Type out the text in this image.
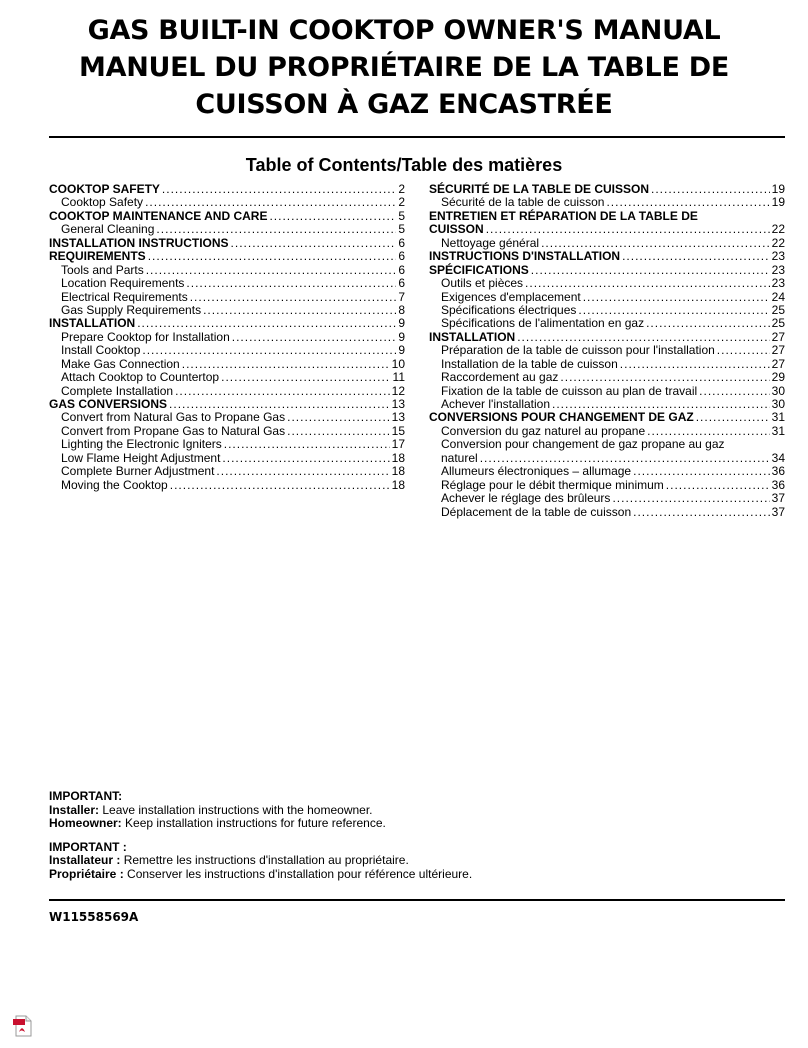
GAS BUILT-IN COOKTOP OWNER'S MANUAL
MANUEL DU PROPRIÉTAIRE DE LA TABLE DE
CUISSON À GAZ ENCASTRÉE
Table of Contents/Table des matières
COOKTOP SAFETY .....	2
Cooktop Safety .....	2
COOKTOP MAINTENANCE AND CARE .....	5
General Cleaning .....	5
INSTALLATION INSTRUCTIONS .....	6
REQUIREMENTS .....	6
Tools and Parts .....	6
Location Requirements .....	6
Electrical Requirements .....	7
Gas Supply Requirements .....	8
INSTALLATION .....	9
Prepare Cooktop for Installation .....	9
Install Cooktop .....	9
Make Gas Connection .....	10
Attach Cooktop to Countertop .....	11
Complete Installation .....	12
GAS CONVERSIONS .....	13
Convert from Natural Gas to Propane Gas .....	13
Convert from Propane Gas to Natural Gas .....	15
Lighting the Electronic Igniters .....	17
Low Flame Height Adjustment .....	18
Complete Burner Adjustment .....	18
Moving the Cooktop .....	18
SÉCURITÉ DE LA TABLE DE CUISSON .....	19
Sécurité de la table de cuisson .....	19
ENTRETIEN ET RÉPARATION DE LA TABLE DE
CUISSON .....	22
Nettoyage général .....	22
INSTRUCTIONS D'INSTALLATION .....	23
SPÉCIFICATIONS .....	23
Outils et pièces .....	23
Exigences d'emplacement .....	24
Spécifications électriques .....	25
Spécifications de l'alimentation en gaz .....	25
INSTALLATION .....	27
Préparation de la table de cuisson pour l'installation .....	27
Installation de la table de cuisson .....	27
Raccordement au gaz .....	29
Fixation de la table de cuisson au plan de travail .....	30
Achever l'installation .....	30
CONVERSIONS POUR CHANGEMENT DE GAZ .....	31
Conversion du gaz naturel au propane .....	31
Conversion pour changement de gaz propane au gaz
naturel .....	34
Allumeurs électroniques – allumage .....	36
Réglage pour le débit thermique minimum .....	36
Achever le réglage des brûleurs .....	37
Déplacement de la table de cuisson .....	37
IMPORTANT:
Installer: Leave installation instructions with the homeowner.
Homeowner: Keep installation instructions for future reference.
IMPORTANT :
Installateur : Remettre les instructions d'installation au propriétaire.
Propriétaire : Conserver les instructions d'installation pour référence ultérieure.
W11558569A
